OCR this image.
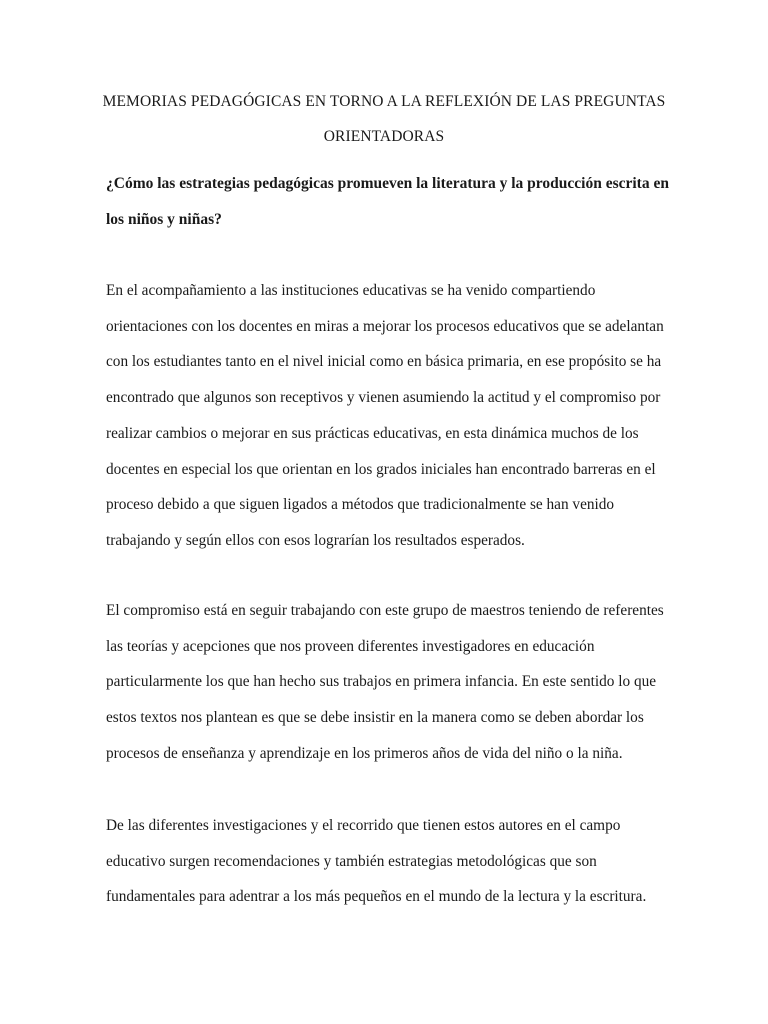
MEMORIAS PEDAGÓGICAS EN TORNO A LA REFLEXIÓN DE LAS PREGUNTAS
ORIENTADORAS

¿Cómo las estrategias pedagógicas promueven la literatura y la producción escrita en
los niños y niñas?

En el acompañamiento a las instituciones educativas se ha venido compartiendo
orientaciones con los docentes en miras a mejorar los procesos educativos que se adelantan
con los estudiantes tanto en el nivel inicial como en básica primaria, en ese propósito se ha
encontrado que algunos son receptivos y vienen asumiendo la actitud y el compromiso por
realizar cambios o mejorar en sus prácticas educativas, en esta dinámica muchos de los
docentes en especial los que orientan en los grados iniciales han encontrado barreras en el
proceso debido a que siguen ligados a métodos que tradicionalmente se han venido
trabajando y según ellos con esos lograrían los resultados esperados.

El compromiso está en seguir trabajando con este grupo de maestros teniendo de referentes
las teorías y acepciones que nos proveen diferentes investigadores en educación
particularmente los que han hecho sus trabajos en primera infancia. En este sentido lo que
estos textos nos plantean es que se debe insistir en la manera como se deben abordar los
procesos de enseñanza y aprendizaje en los primeros años de vida del niño o la niña.

De las diferentes investigaciones y el recorrido que tienen estos autores en el campo
educativo surgen recomendaciones y también estrategias metodológicas que son
fundamentales para adentrar a los más pequeños en el mundo de la lectura y la escritura.
